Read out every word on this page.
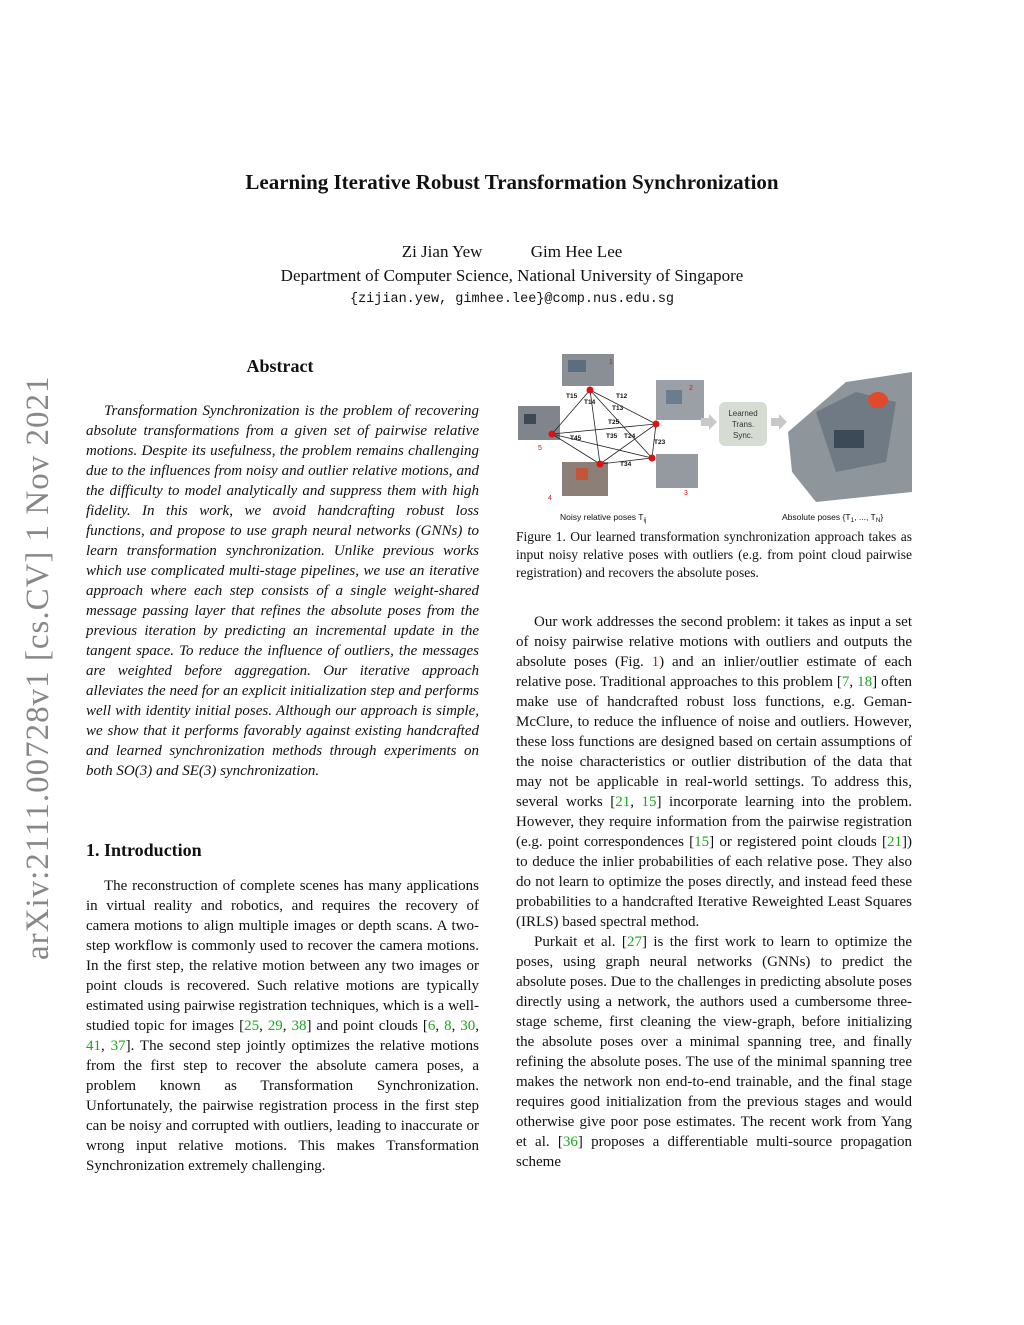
Learning Iterative Robust Transformation Synchronization
Zi Jian Yew	Gim Hee Lee
Department of Computer Science, National University of Singapore
{zijian.yew, gimhee.lee}@comp.nus.edu.sg
arXiv:2111.00728v1 [cs.CV] 1 Nov 2021
Abstract
Transformation Synchronization is the problem of recovering absolute transformations from a given set of pairwise relative motions. Despite its usefulness, the problem remains challenging due to the influences from noisy and outlier relative motions, and the difficulty to model analytically and suppress them with high fidelity. In this work, we avoid handcrafting robust loss functions, and propose to use graph neural networks (GNNs) to learn transformation synchronization. Unlike previous works which use complicated multi-stage pipelines, we use an iterative approach where each step consists of a single weight-shared message passing layer that refines the absolute poses from the previous iteration by predicting an incremental update in the tangent space. To reduce the influence of outliers, the messages are weighted before aggregation. Our iterative approach alleviates the need for an explicit initialization step and performs well with identity initial poses. Although our approach is simple, we show that it performs favorably against existing handcrafted and learned synchronization methods through experiments on both SO(3) and SE(3) synchronization.
1. Introduction
The reconstruction of complete scenes has many applications in virtual reality and robotics, and requires the recovery of camera motions to align multiple images or depth scans. A two-step workflow is commonly used to recover the camera motions. In the first step, the relative motion between any two images or point clouds is recovered. Such relative motions are typically estimated using pairwise registration techniques, which is a well-studied topic for images [25, 29, 38] and point clouds [6, 8, 30, 41, 37]. The second step jointly optimizes the relative motions from the first step to recover the absolute camera poses, a problem known as Transformation Synchronization. Unfortunately, the pairwise registration process in the first step can be noisy and corrupted with outliers, leading to inaccurate or wrong input relative motions. This makes Transformation Synchronization extremely challenging.
1
2
3
4
5
T15
T14
T12
T13
T25
T35 T24
T45
T23
T34
Learned
Trans.
Sync.
Noisy relative poses $T_{ij}$	Absolute poses {$T_1$, ..., $T_N$}
Figure 1. Our learned transformation synchronization approach takes as input noisy relative poses with outliers (e.g. from point cloud pairwise registration) and recovers the absolute poses.

Our work addresses the second problem: it takes as input a set of noisy pairwise relative motions with outliers and outputs the absolute poses (Fig. 1) and an inlier/outlier estimate of each relative pose. Traditional approaches to this problem [7, 18] often make use of handcrafted robust loss functions, e.g. Geman-McClure, to reduce the influence of noise and outliers. However, these loss functions are designed based on certain assumptions of the noise characteristics or outlier distribution of the data that may not be applicable in real-world settings. To address this, several works [21, 15] incorporate learning into the problem. However, they require information from the pairwise registration (e.g. point correspondences [15] or registered point clouds [21]) to deduce the inlier probabilities of each relative pose. They also do not learn to optimize the poses directly, and instead feed these probabilities to a handcrafted Iterative Reweighted Least Squares (IRLS) based spectral method.

Purkait et al. [27] is the first work to learn to optimize the poses, using graph neural networks (GNNs) to predict the absolute poses. Due to the challenges in predicting absolute poses directly using a network, the authors used a cumbersome three-stage scheme, first cleaning the view-graph, before initializing the absolute poses over a minimal spanning tree, and finally refining the absolute poses. The use of the minimal spanning tree makes the network non end-to-end trainable, and the final stage requires good initialization from the previous stages and would otherwise give poor pose estimates. The recent work from Yang et al. [36] proposes a differentiable multi-source propagation scheme
